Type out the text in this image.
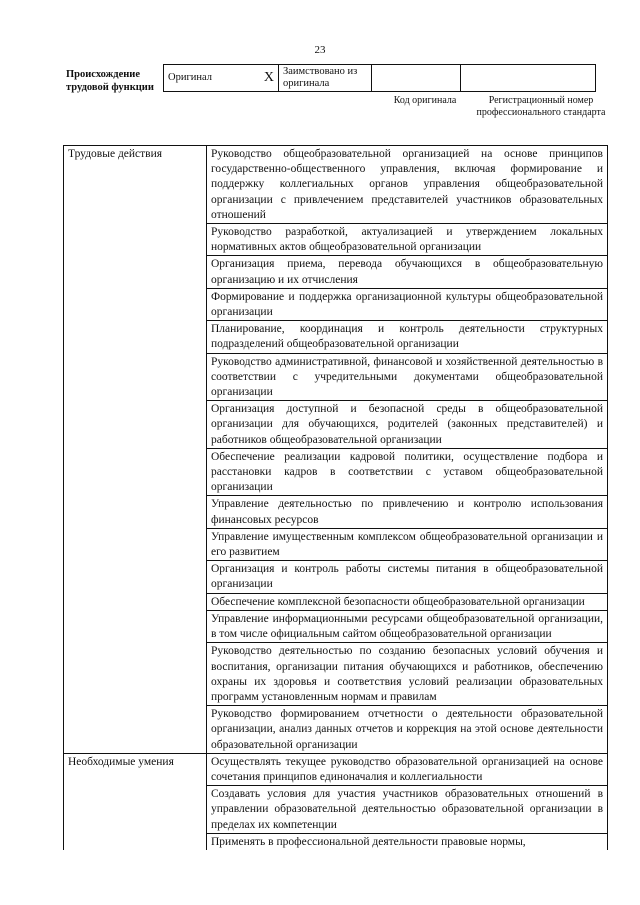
23
Происхождение трудовой функции
Оригинал	X	Заимствовано из оригинала		
Код оригинала	Регистрационный номер профессионального стандарта
Трудовые действия	Руководство общеобразовательной организацией на основе принципов государственно-общественного управления, включая формирование и поддержку коллегиальных органов управления общеобразовательной организации с привлечением представителей участников образовательных отношений
	Руководство разработкой, актуализацией и утверждением локальных нормативных актов общеобразовательной организации
	Организация приема, перевода обучающихся в общеобразовательную организацию и их отчисления
	Формирование и поддержка организационной культуры общеобразовательной организации
	Планирование, координация и контроль деятельности структурных подразделений общеобразовательной организации
	Руководство административной, финансовой и хозяйственной деятельностью в соответствии с учредительными документами общеобразовательной организации
	Организация доступной и безопасной среды в общеобразовательной организации для обучающихся, родителей (законных представителей) и работников общеобразовательной организации
	Обеспечение реализации кадровой политики, осуществление подбора и расстановки кадров в соответствии с уставом общеобразовательной организации
	Управление деятельностью по привлечению и контролю использования финансовых ресурсов
	Управление имущественным комплексом общеобразовательной организации и его развитием
	Организация и контроль работы системы питания в общеобразовательной организации
	Обеспечение комплексной безопасности общеобразовательной организации
	Управление информационными ресурсами общеобразовательной организации, в том числе официальным сайтом общеобразовательной организации
	Руководство деятельностью по созданию безопасных условий обучения и воспитания, организации питания обучающихся и работников, обеспечению охраны их здоровья и соответствия условий реализации образовательных программ установленным нормам и правилам
	Руководство формированием отчетности о деятельности образовательной организации, анализ данных отчетов и коррекция на этой основе деятельности образовательной организации
Необходимые умения	Осуществлять текущее руководство образовательной организацией на основе сочетания принципов единоначалия и коллегиальности
	Создавать условия для участия участников образовательных отношений в управлении образовательной деятельностью образовательной организации в пределах их компетенции
	Применять в профессиональной деятельности правовые нормы,
